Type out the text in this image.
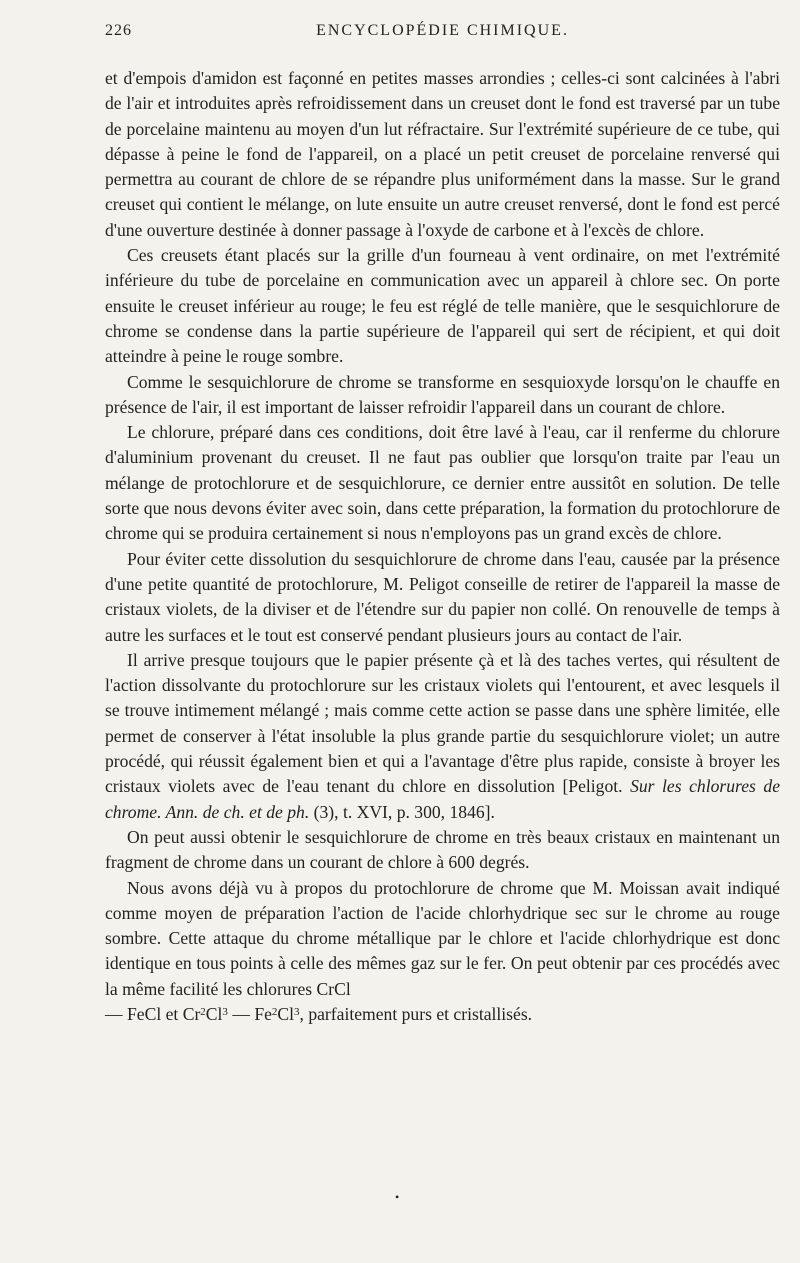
226	ENCYCLOPÉDIE CHIMIQUE.

et d'empois d'amidon est façonné en petites masses arrondies ; celles-ci sont calcinées à l'abri de l'air et introduites après refroidissement dans un creuset dont le fond est traversé par un tube de porcelaine maintenu au moyen d'un lut réfractaire. Sur l'extrémité supérieure de ce tube, qui dépasse à peine le fond de l'appareil, on a placé un petit creuset de porcelaine renversé qui permettra au courant de chlore de se répandre plus uniformément dans la masse. Sur le grand creuset qui contient le mélange, on lute ensuite un autre creuset renversé, dont le fond est percé d'une ouverture destinée à donner passage à l'oxyde de carbone et à l'excès de chlore.

Ces creusets étant placés sur la grille d'un fourneau à vent ordinaire, on met l'extrémité inférieure du tube de porcelaine en communication avec un appareil à chlore sec. On porte ensuite le creuset inférieur au rouge; le feu est réglé de telle manière, que le sesquichlorure de chrome se condense dans la partie supérieure de l'appareil qui sert de récipient, et qui doit atteindre à peine le rouge sombre.

Comme le sesquichlorure de chrome se transforme en sesquioxyde lorsqu'on le chauffe en présence de l'air, il est important de laisser refroidir l'appareil dans un courant de chlore.

Le chlorure, préparé dans ces conditions, doit être lavé à l'eau, car il renferme du chlorure d'aluminium provenant du creuset. Il ne faut pas oublier que lorsqu'on traite par l'eau un mélange de protochlorure et de sesquichlorure, ce dernier entre aussitôt en solution. De telle sorte que nous devons éviter avec soin, dans cette préparation, la formation du protochlorure de chrome qui se produira certainement si nous n'employons pas un grand excès de chlore.

Pour éviter cette dissolution du sesquichlorure de chrome dans l'eau, causée par la présence d'une petite quantité de protochlorure, M. Peligot conseille de retirer de l'appareil la masse de cristaux violets, de la diviser et de l'étendre sur du papier non collé. On renouvelle de temps à autre les surfaces et le tout est conservé pendant plusieurs jours au contact de l'air.

Il arrive presque toujours que le papier présente çà et là des taches vertes, qui résultent de l'action dissolvante du protochlorure sur les cristaux violets qui l'entourent, et avec lesquels il se trouve intimement mélangé ; mais comme cette action se passe dans une sphère limitée, elle permet de conserver à l'état insoluble la plus grande partie du sesquichlorure violet; un autre procédé, qui réussit également bien et qui a l'avantage d'être plus rapide, consiste à broyer les cristaux violets avec de l'eau tenant du chlore en dissolution [Peligot. Sur les chlorures de chrome. Ann. de ch. et de ph. (3), t. XVI, p. 300, 1846].

On peut aussi obtenir le sesquichlorure de chrome en très beaux cristaux en maintenant un fragment de chrome dans un courant de chlore à 600 degrés.

Nous avons déjà vu à propos du protochlorure de chrome que M. Moissan avait indiqué comme moyen de préparation l'action de l'acide chlorhydrique sec sur le chrome au rouge sombre. Cette attaque du chrome métallique par le chlore et l'acide chlorhydrique est donc identique en tous points à celle des mêmes gaz sur le fer. On peut obtenir par ces procédés avec la même facilité les chlorures CrCl
— FeCl et Cr$^2$Cl$^3$ — Fe$^2$Cl$^3$, parfaitement purs et cristallisés.

•
